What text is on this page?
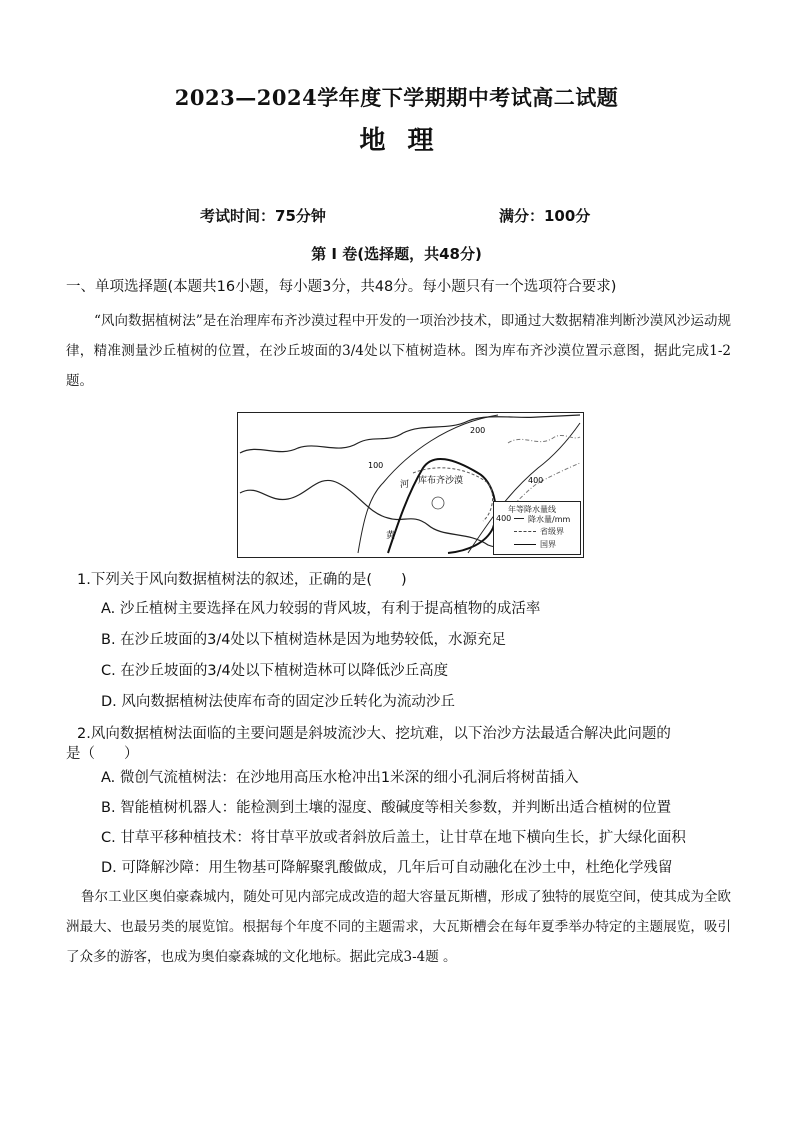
2023—2024学年度下学期期中考试高二试题
地理
考试时间：75分钟	满分：100分
第 I 卷(选择题，共48分)
一、单项选择题(本题共16小题，每小题3分，共48分。每小题只有一个选项符合要求)
“风向数据植树法”是在治理库布齐沙漠过程中开发的一项治沙技术，即通过大数据精准判断沙漠风沙运动规律，精准测量沙丘植树的位置，在沙丘坡面的3/4处以下植树造林。图为库布齐沙漠位置示意图，据此完成1-2题。
库布齐沙漠
河
黄
100
200
400
年等降水量线
400 降水量/mm
省级界
国界
1.下列关于风向数据植树法的叙述，正确的是(　　)
A. 沙丘植树主要选择在风力较弱的背风坡，有利于提高植物的成活率
B. 在沙丘坡面的3/4处以下植树造林是因为地势较低，水源充足
C. 在沙丘坡面的3/4处以下植树造林可以降低沙丘高度
D. 风向数据植树法使库布奇的固定沙丘转化为流动沙丘
2.风向数据植树法面临的主要问题是斜坡流沙大、挖坑难，以下治沙方法最适合解决此问题的
是（　　）
A. 微创气流植树法：在沙地用高压水枪冲出1米深的细小孔洞后将树苗插入
B. 智能植树机器人：能检测到土壤的湿度、酸碱度等相关参数，并判断出适合植树的位置
C. 甘草平移种植技术：将甘草平放或者斜放后盖土，让甘草在地下横向生长，扩大绿化面积
D. 可降解沙障：用生物基可降解聚乳酸做成，几年后可自动融化在沙土中，杜绝化学残留
鲁尔工业区奥伯豪森城内，随处可见内部完成改造的超大容量瓦斯槽，形成了独特的展览空间，使其成为全欧洲最大、也最另类的展览馆。根据每个年度不同的主题需求，大瓦斯槽会在每年夏季举办特定的主题展览，吸引了众多的游客，也成为奥伯豪森城的文化地标。据此完成3-4题 。
